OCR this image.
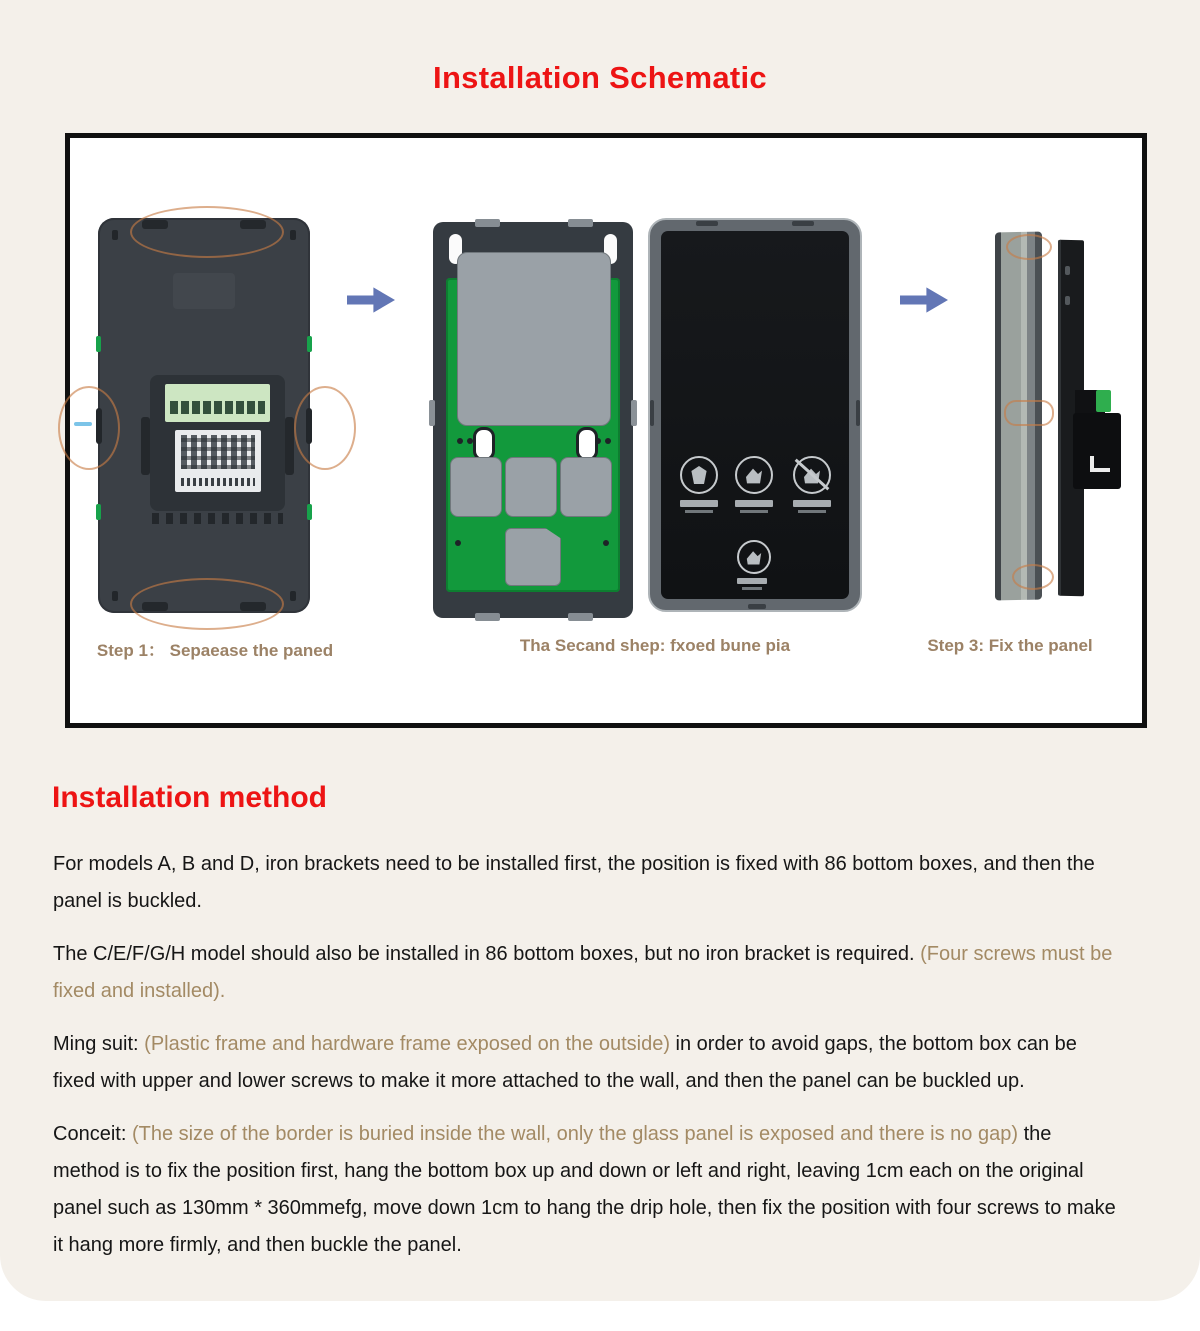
Installation Schematic
Step 1： Sepaease the paned	Tha Secand shep: fxoed bune pia	Step 3: Fix the panel
Installation method

For models A, B and D, iron brackets need to be installed first, the position is fixed with 86 bottom boxes, and then the panel is buckled.

The C/E/F/G/H model should also be installed in 86 bottom boxes, but no iron bracket is required. (Four screws must be fixed and installed).

Ming suit: (Plastic frame and hardware frame exposed on the outside) in order to avoid gaps, the bottom box can be fixed with upper and lower screws to make it more attached to the wall, and then the panel can be buckled up.

Conceit: (The size of the border is buried inside the wall, only the glass panel is exposed and there is no gap) the method is to fix the position first, hang the bottom box up and down or left and right, leaving 1cm each on the original panel such as 130mm * 360mmefg, move down 1cm to hang the drip hole, then fix the position with four screws to make it hang more firmly, and then buckle the panel.
